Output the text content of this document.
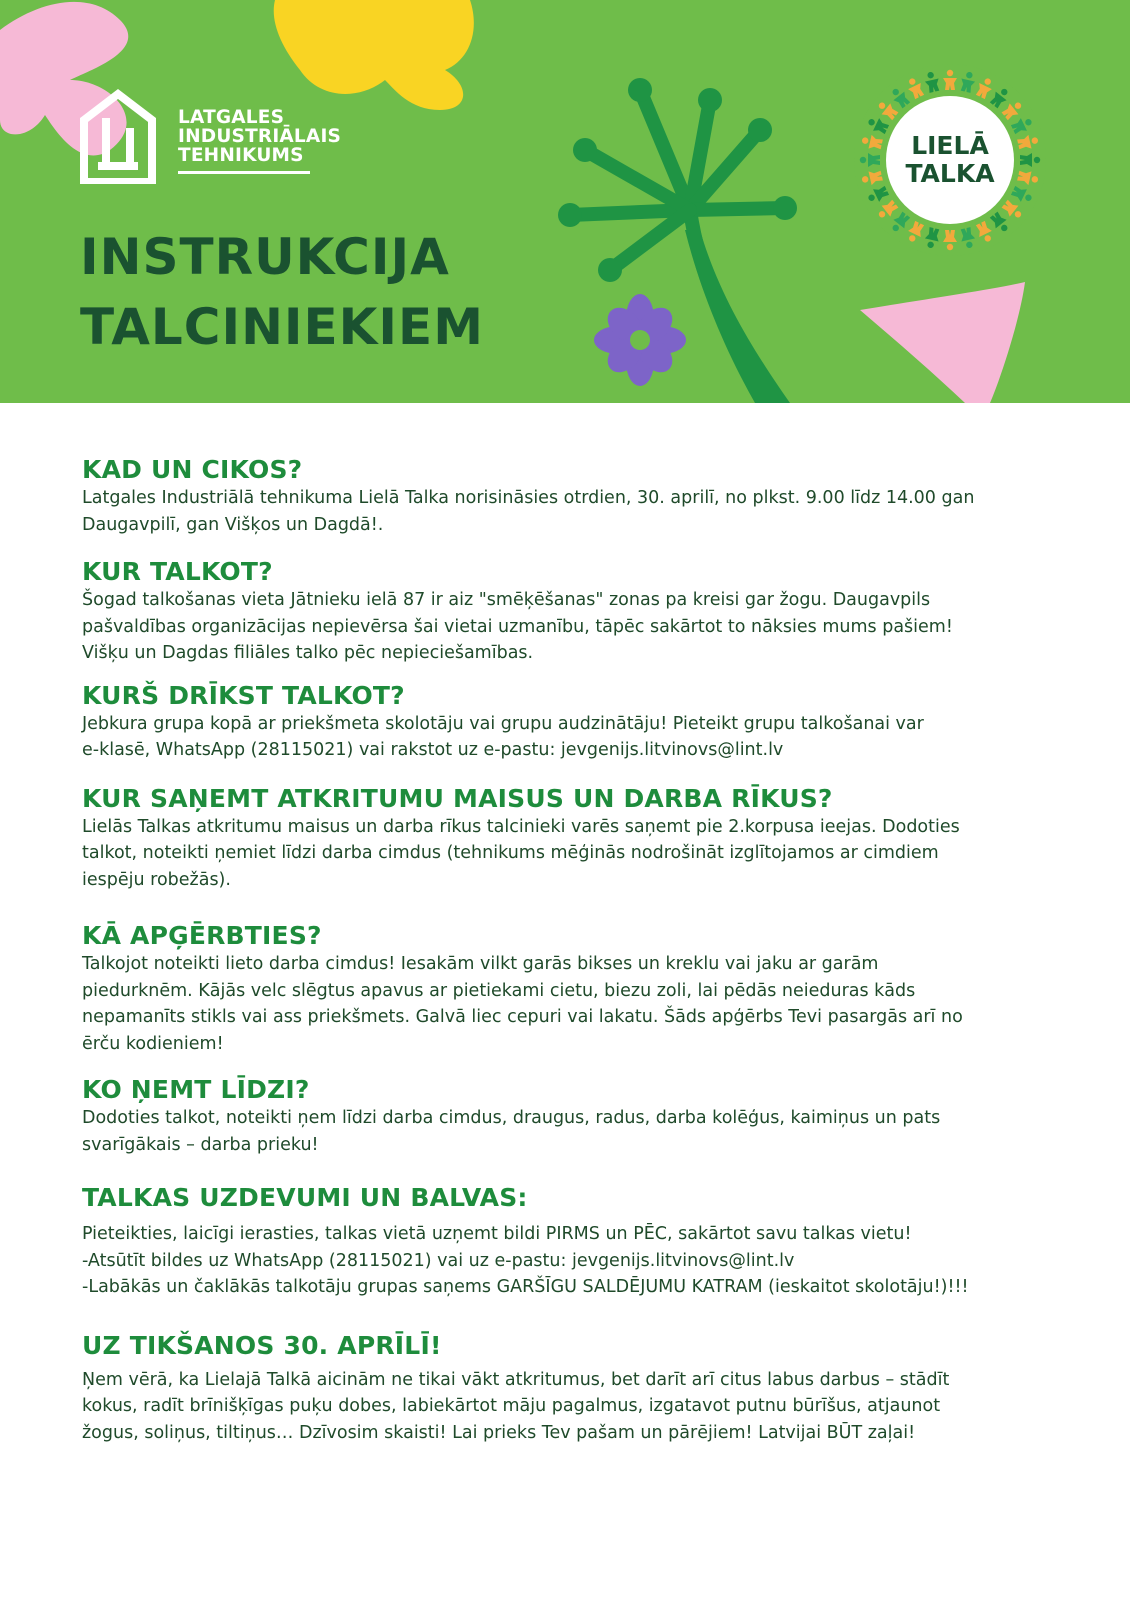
LATGALES
INDUSTRIĀLAIS
TEHNIKUMS
INSTRUKCIJA
TALCINIEKIEM
LIELĀ
TALKA
KAD UN CIKOS?

Latgales Industriālā tehnikuma Lielā Talka norisināsies otrdien, 30. aprilī, no plkst. 9.00 līdz 14.00 gan

Daugavpilī, gan Višķos un Dagdā!.

KUR TALKOT?

Šogad talkošanas vieta Jātnieku ielā 87 ir aiz "smēķēšanas" zonas pa kreisi gar žogu. Daugavpils

pašvaldības organizācijas nepievērsa šai vietai uzmanību, tāpēc sakārtot to nāksies mums pašiem!

Višķu un Dagdas filiāles talko pēc nepieciešamības.

KURŠ DRĪKST TALKOT?

Jebkura grupa kopā ar priekšmeta skolotāju vai grupu audzinātāju! Pieteikt grupu talkošanai var

e-klasē, WhatsApp (28115021) vai rakstot uz e-pastu: jevgenijs.litvinovs@lint.lv

KUR SAŅEMT ATKRITUMU MAISUS UN DARBA RĪKUS?

Lielās Talkas atkritumu maisus un darba rīkus talcinieki varēs saņemt pie 2.korpusa ieejas. Dodoties

talkot, noteikti ņemiet līdzi darba cimdus (tehnikums mēģinās nodrošināt izglītojamos ar cimdiem

iespēju robežās).

KĀ APĢĒRBTIES?

Talkojot noteikti lieto darba cimdus! Iesakām vilkt garās bikses un kreklu vai jaku ar garām

piedurknēm. Kājās velc slēgtus apavus ar pietiekami cietu, biezu zoli, lai pēdās neieduras kāds

nepamanīts stikls vai ass priekšmets. Galvā liec cepuri vai lakatu. Šāds apģērbs Tevi pasargās arī no

ērču kodieniem!

KO ŅEMT LĪDZI?

Dodoties talkot, noteikti ņem līdzi darba cimdus, draugus, radus, darba kolēģus, kaimiņus un pats

svarīgākais – darba prieku!

TALKAS UZDEVUMI UN BALVAS:

Pieteikties, laicīgi ierasties, talkas vietā uzņemt bildi PIRMS un PĒC, sakārtot savu talkas vietu!

-Atsūtīt bildes uz WhatsApp (28115021) vai uz e-pastu: jevgenijs.litvinovs@lint.lv

-Labākās un čaklākās talkotāju grupas saņems GARŠĪGU SALDĒJUMU KATRAM (ieskaitot skolotāju!)!!!

UZ TIKŠANOS 30. APRĪLĪ!

Ņem vērā, ka Lielajā Talkā aicinām ne tikai vākt atkritumus, bet darīt arī citus labus darbus – stādīt

kokus, radīt brīnišķīgas puķu dobes, labiekārtot māju pagalmus, izgatavot putnu būrīšus, atjaunot

žogus, soliņus, tiltiņus… Dzīvosim skaisti! Lai prieks Tev pašam un pārējiem! Latvijai BŪT zaļai!
